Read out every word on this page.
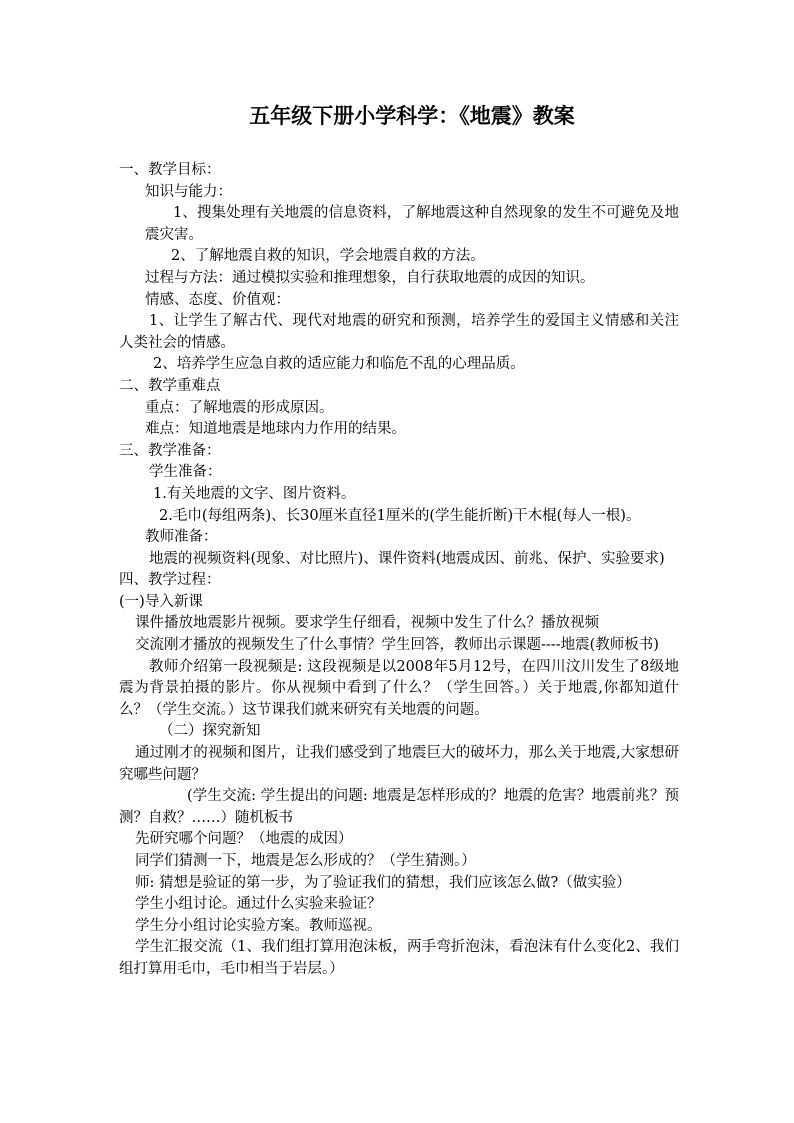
五年级下册小学科学：《地震》教案
一、教学目标：
知识与能力：
1、搜集处理有关地震的信息资料，了解地震这种自然现象的发生不可避免及地震灾害。
2、了解地震自救的知识，学会地震自救的方法。
过程与方法：通过模拟实验和推理想象，自行获取地震的成因的知识。
情感、态度、价值观：
1、让学生了解古代、现代对地震的研究和预测，培养学生的爱国主义情感和关注人类社会的情感。
2、培养学生应急自救的适应能力和临危不乱的心理品质。
二、教学重难点
重点：了解地震的形成原因。
难点：知道地震是地球内力作用的结果。
三、教学准备：
学生准备：
1.有关地震的文字、图片资料。
2.毛巾(每组两条)、长30厘米直径1厘米的(学生能折断)干木棍(每人一根)。
教师准备：
地震的视频资料(现象、对比照片)、课件资料(地震成因、前兆、保护、实验要求)
四、教学过程：
(一)导入新课
课件播放地震影片视频。要求学生仔细看，视频中发生了什么？播放视频
交流刚才播放的视频发生了什么事情？学生回答，教师出示课题----地震(教师板书)
教师介绍第一段视频是: 这段视频是以2008年5月12号，在四川汶川发生了8级地震为背景拍摄的影片。你从视频中看到了什么？（学生回答。）关于地震,你都知道什么？（学生交流。）这节课我们就来研究有关地震的问题。
（二）探究新知
通过刚才的视频和图片，让我们感受到了地震巨大的破坏力，那么关于地震,大家想研究哪些问题？
(学生交流: 学生提出的问题: 地震是怎样形成的？地震的危害？地震前兆？预测？自救？……）随机板书
先研究哪个问题？（地震的成因）
同学们猜测一下，地震是怎么形成的？（学生猜测。）
师: 猜想是验证的第一步，为了验证我们的猜想，我们应该怎么做?（做实验）
学生小组讨论。通过什么实验来验证？
学生分小组讨论实验方案。教师巡视。
学生汇报交流（1、我们组打算用泡沫板，两手弯折泡沫，看泡沫有什么变化2、我们组打算用毛巾，毛巾相当于岩层。）
